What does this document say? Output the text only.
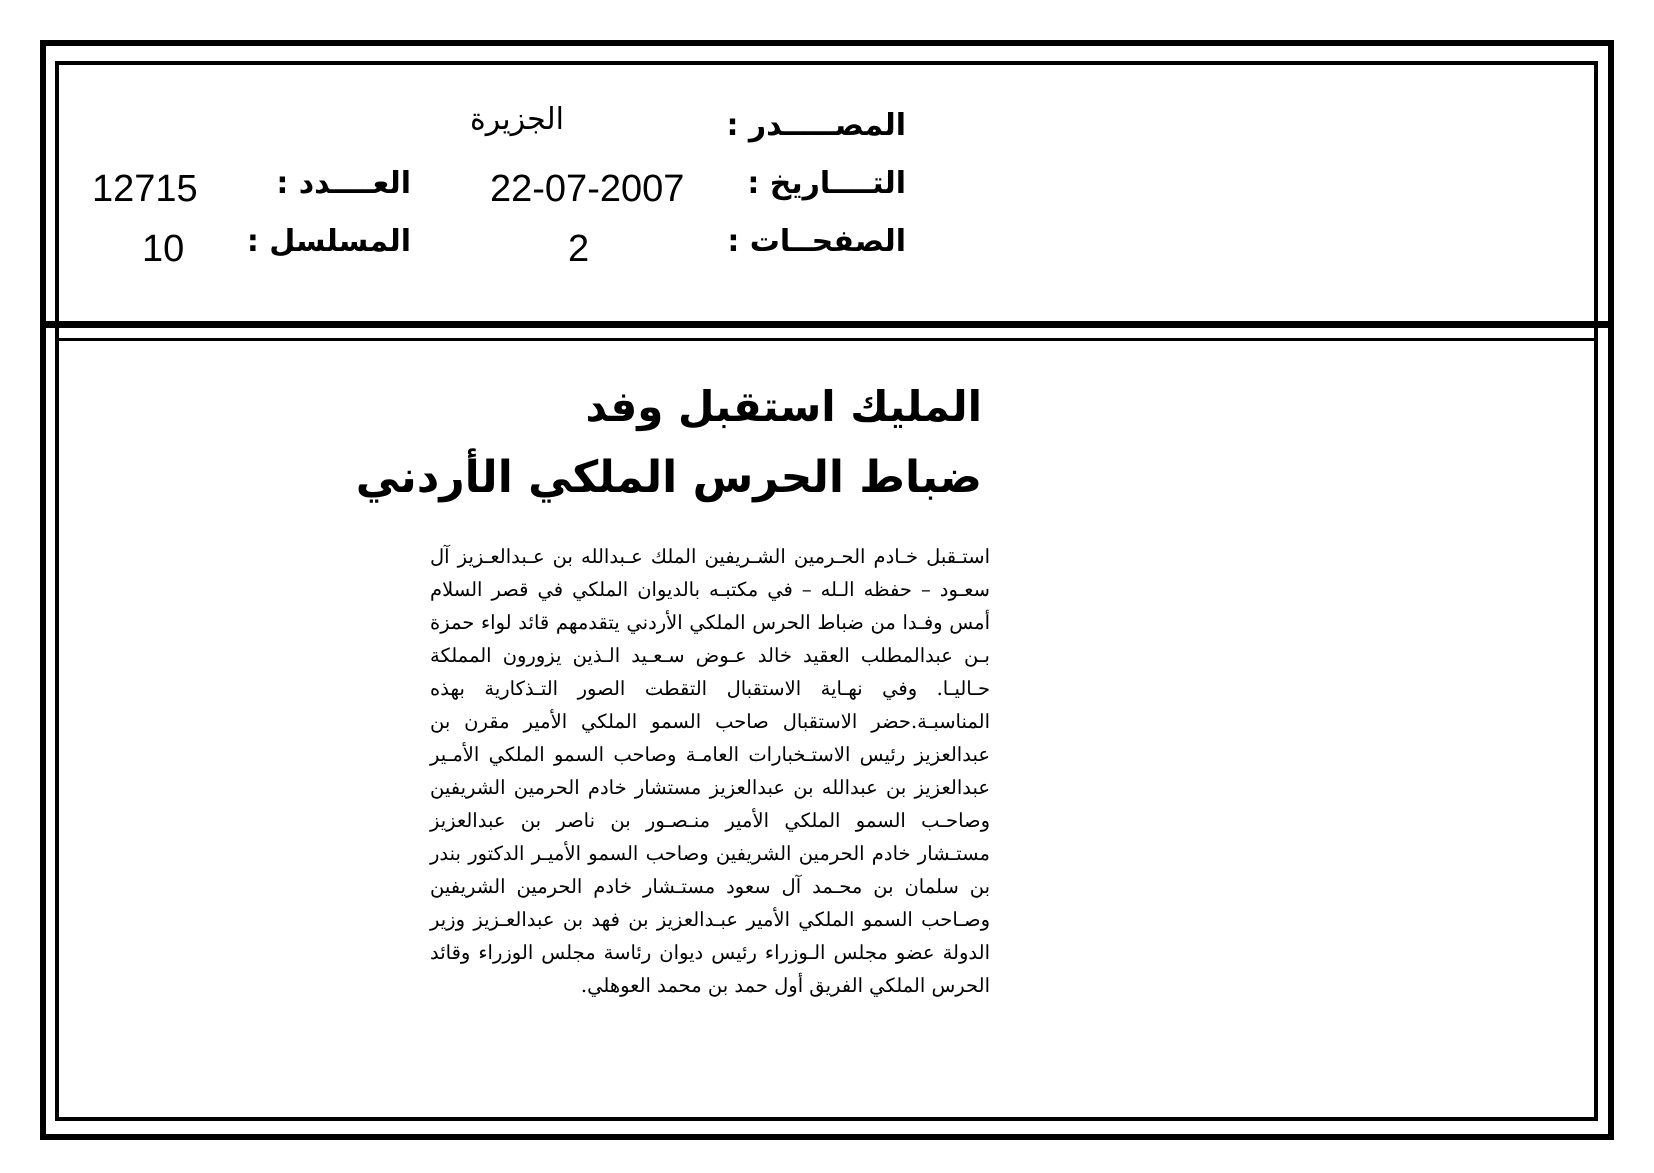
المصـــــدر :
الجزيرة
التــــاريخ :
22-07-2007
العــــدد :
12715
الصفحــات :
2
المسلسل :
10
المليك استقبل وفد
ضباط الحرس الملكي الأردني
استـقبل خـادم الحـرمين الشـريفين الملك عـبدالله بن عـبدالعـزيز آل سعـود – حفظه الـله – في مكتبـه بالديوان الملكي في قصر السلام أمس وفـدا من ضباط الحرس الملكي الأردني يتقدمهم قائد لواء حمزة بـن عبدالمطلب العقيد خالد عـوض سـعـيد الـذين يزورون المملكة حـاليـا. وفي نهـاية الاستقبال التقطت الصور التـذكارية بهذه المناسبـة.حضر الاستقبال صاحب السمو الملكي الأمير مقرن بن عبدالعزيز رئيس الاستـخبارات العامـة وصاحب السمو الملكي الأمـير عبدالعزيز بن عبدالله بن عبدالعزيز مستشار خادم الحرمين الشريفين وصاحـب السمو الملكي الأمير منـصـور بن ناصر بن عبدالعزيز مستـشار خادم الحرمين الشريفين وصاحب السمو الأميـر الدكتور بندر بن سلمان بن محـمد آل سعود مستـشار خادم الحرمين الشريفين وصـاحب السمو الملكي الأمير عبـدالعزيز بن فهد بن عبدالعـزيز وزير الدولة عضو مجلس الـوزراء رئيس ديوان رئاسة مجلس الوزراء وقائد الحرس الملكي الفريق أول حمد بن محمد العوهلي.
